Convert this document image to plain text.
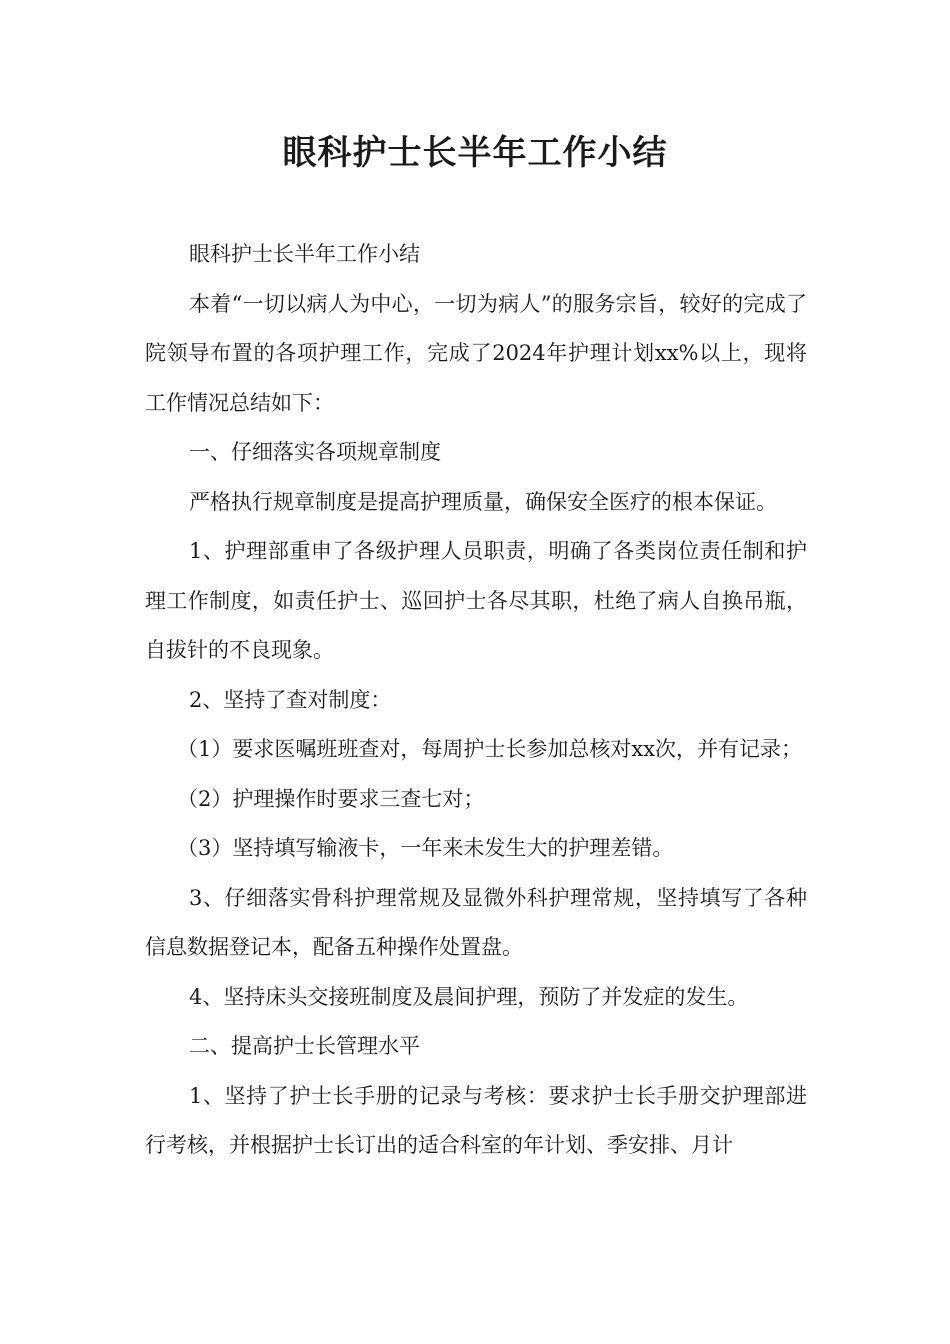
眼科护士长半年工作小结

眼科护士长半年工作小结

本着“一切以病人为中心，一切为病人”的服务宗旨，较好的完成了院领导布置的各项护理工作，完成了2024年护理计划xx%以上，现将工作情况总结如下：

一、仔细落实各项规章制度

严格执行规章制度是提高护理质量，确保安全医疗的根本保证。

1、护理部重申了各级护理人员职责，明确了各类岗位责任制和护理工作制度，如责任护士、巡回护士各尽其职，杜绝了病人自换吊瓶，自拔针的不良现象。

2、坚持了查对制度：

（1）要求医嘱班班查对，每周护士长参加总核对xx次，并有记录；

（2）护理操作时要求三查七对；

（3）坚持填写输液卡，一年来未发生大的护理差错。

3、仔细落实骨科护理常规及显微外科护理常规，坚持填写了各种信息数据登记本，配备五种操作处置盘。

4、坚持床头交接班制度及晨间护理，预防了并发症的发生。

二、提高护士长管理水平

1、坚持了护士长手册的记录与考核：要求护士长手册交护理部进行考核，并根据护士长订出的适合科室的年计划、季安排、月计
